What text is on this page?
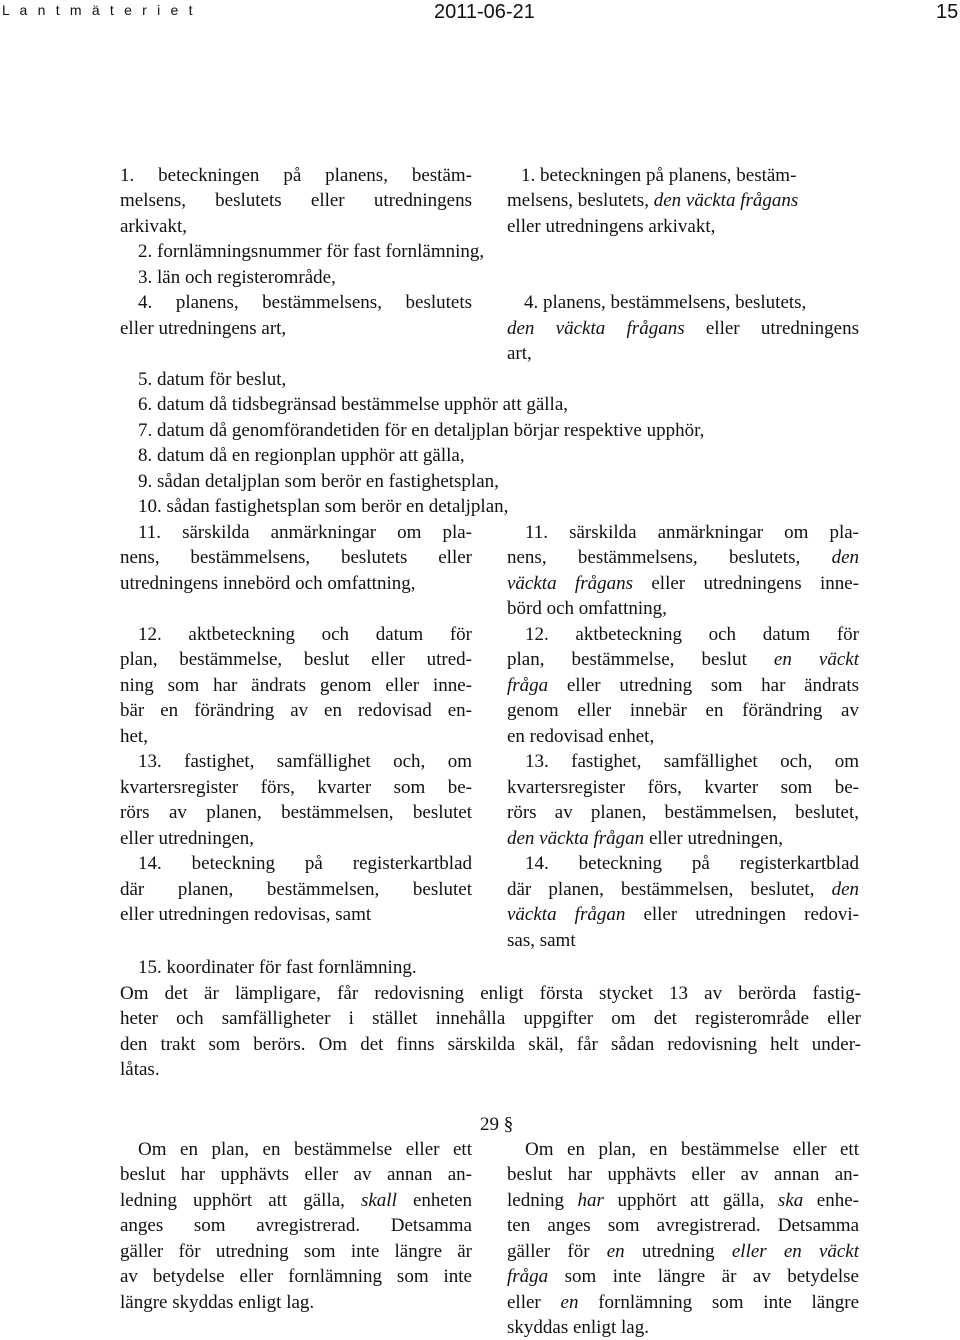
L a n t m ä t e r i e t	2011-06-21	15
1. beteckningen på planens, bestäm-
melsens, beslutets eller utredningens
arkivakt,
1. beteckningen på planens, bestäm-
melsens, beslutets, den väckta frågans
eller utredningens arkivakt,
2. fornlämningsnummer för fast fornlämning,
3. län och registerområde,
4. planens, bestämmelsens, beslutets
eller utredningens art,
4. planens, bestämmelsens, beslutets,
den väckta frågans eller utredningens
art,
5. datum för beslut,
6. datum då tidsbegränsad bestämmelse upphör att gälla,
7. datum då genomförandetiden för en detaljplan börjar respektive upphör,
8. datum då en regionplan upphör att gälla,
9. sådan detaljplan som berör en fastighetsplan,
10. sådan fastighetsplan som berör en detaljplan,
11. särskilda anmärkningar om pla-
nens, bestämmelsens, beslutets eller
utredningens innebörd och omfattning,
11. särskilda anmärkningar om pla-
nens, bestämmelsens, beslutets, den
väckta frågans eller utredningens inne-
börd och omfattning,
12. aktbeteckning och datum för
plan, bestämmelse, beslut eller utred-
ning som har ändrats genom eller inne-
bär en förändring av en redovisad en-
het,
12. aktbeteckning och datum för
plan, bestämmelse, beslut en väckt
fråga eller utredning som har ändrats
genom eller innebär en förändring av
en redovisad enhet,
13. fastighet, samfällighet och, om
kvartersregister förs, kvarter som be-
rörs av planen, bestämmelsen, beslutet
eller utredningen,
13. fastighet, samfällighet och, om
kvartersregister förs, kvarter som be-
rörs av planen, bestämmelsen, beslutet,
den väckta frågan eller utredningen,
14. beteckning på registerkartblad
där planen, bestämmelsen, beslutet
eller utredningen redovisas, samt
14. beteckning på registerkartblad
där planen, bestämmelsen, beslutet, den
väckta frågan eller utredningen redovi-
sas, samt
15. koordinater för fast fornlämning.
Om det är lämpligare, får redovisning enligt första stycket 13 av berörda fastig-
heter och samfälligheter i stället innehålla uppgifter om det registerområde eller
den trakt som berörs. Om det finns särskilda skäl, får sådan redovisning helt under-
låtas.
29 §
Om en plan, en bestämmelse eller ett
beslut har upphävts eller av annan an-
ledning upphört att gälla, skall enheten
anges som avregistrerad. Detsamma
gäller för utredning som inte längre är
av betydelse eller fornlämning som inte
längre skyddas enligt lag.
Om en plan, en bestämmelse eller ett
beslut har upphävts eller av annan an-
ledning har upphört att gälla, ska enhe-
ten anges som avregistrerad. Detsamma
gäller för en utredning eller en väckt
fråga som inte längre är av betydelse
eller en fornlämning som inte längre
skyddas enligt lag.
